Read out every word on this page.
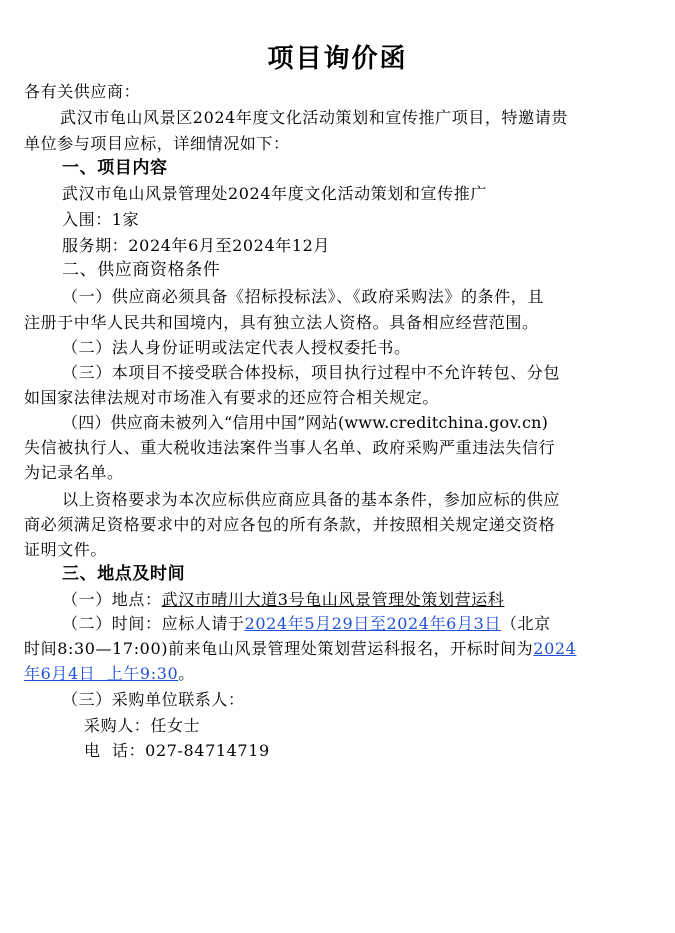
项目询价函
各有关供应商：
武汉市龟山风景区2024年度文化活动策划和宣传推广项目，特邀请贵
单位参与项目应标，详细情况如下：
一、项目内容
武汉市龟山风景管理处2024年度文化活动策划和宣传推广
入围：1家
服务期：2024年6月至2024年12月
二、供应商资格条件
（一）供应商必须具备《招标投标法》、《政府采购法》的条件，且
注册于中华人民共和国境内，具有独立法人资格。具备相应经营范围。
（二）法人身份证明或法定代表人授权委托书。
（三）本项目不接受联合体投标，项目执行过程中不允许转包、分包
如国家法律法规对市场准入有要求的还应符合相关规定。
（四）供应商未被列入“信用中国”网站(www.creditchina.gov.cn)
失信被执行人、重大税收违法案件当事人名单、政府采购严重违法失信行
为记录名单。
以上资格要求为本次应标供应商应具备的基本条件，参加应标的供应
商必须满足资格要求中的对应各包的所有条款，并按照相关规定递交资格
证明文件。
三、地点及时间
（一）地点：武汉市晴川大道3号龟山风景管理处策划营运科
（二）时间：应标人请于2024年5月29日至2024年6月3日（北京
时间8:30—17:00)前来龟山风景管理处策划营运科报名，开标时间为2024
年6月4日  上午9:30。
（三）采购单位联系人：
采购人：任女士
电  话：027-84714719
